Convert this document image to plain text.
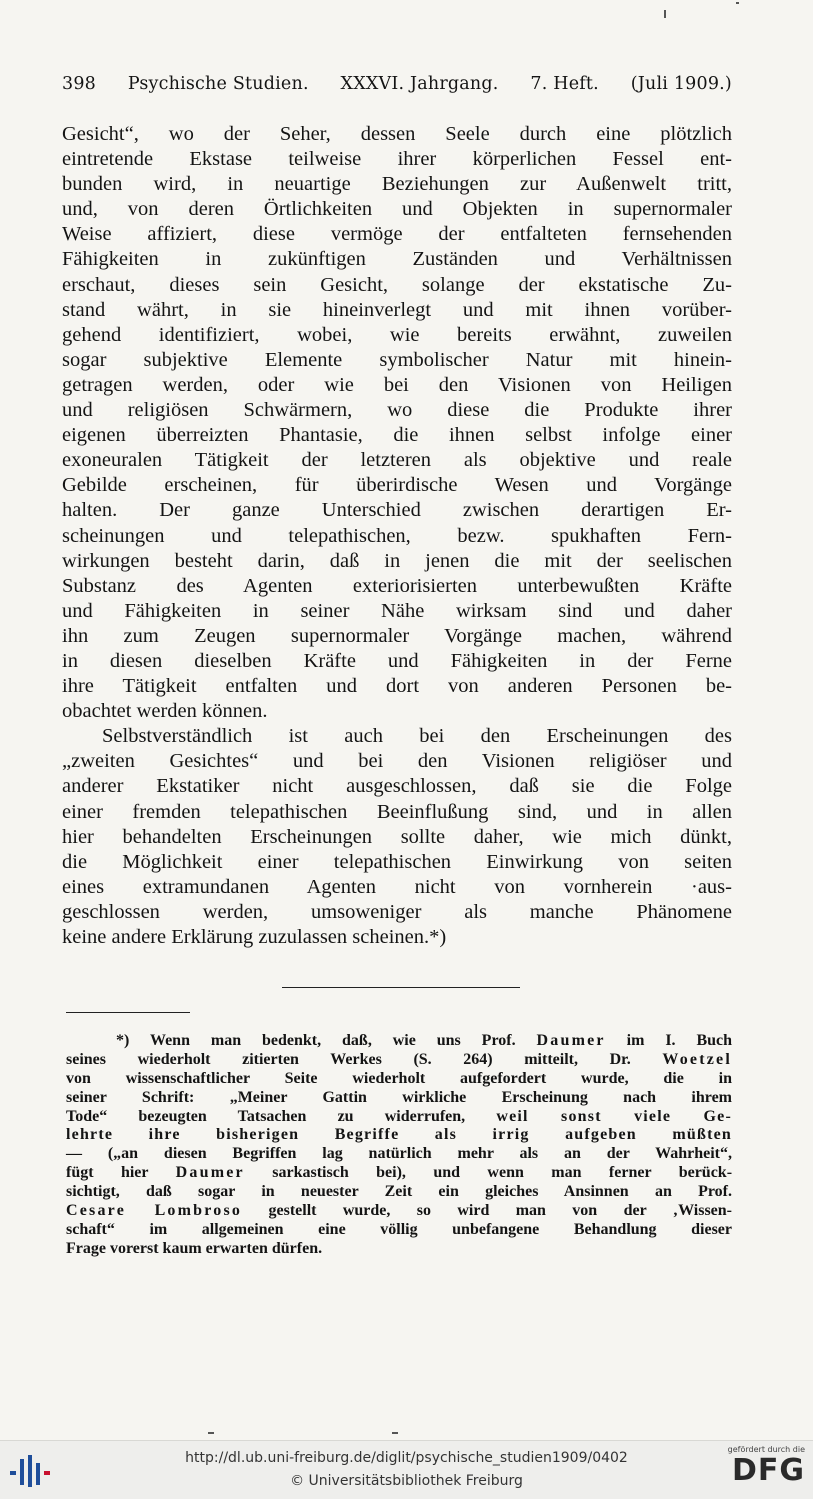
398 Psychische Studien. XXXVI. Jahrgang. 7. Heft. (Juli 1909.)
Gesicht“, wo der Seher, dessen Seele durch eine plötzlich
eintretende Ekstase teilweise ihrer körperlichen Fessel ent-
bunden wird, in neuartige Beziehungen zur Außenwelt tritt,
und, von deren Örtlichkeiten und Objekten in supernormaler
Weise affiziert, diese vermöge der entfalteten fernsehenden
Fähigkeiten in zukünftigen Zuständen und Verhältnissen
erschaut, dieses sein Gesicht, solange der ekstatische Zu-
stand währt, in sie hineinverlegt und mit ihnen vorüber-
gehend identifiziert, wobei, wie bereits erwähnt, zuweilen
sogar subjektive Elemente symbolischer Natur mit hinein-
getragen werden, oder wie bei den Visionen von Heiligen
und religiösen Schwärmern, wo diese die Produkte ihrer
eigenen überreizten Phantasie, die ihnen selbst infolge einer
exoneuralen Tätigkeit der letzteren als objektive und reale
Gebilde erscheinen, für überirdische Wesen und Vorgänge
halten. Der ganze Unterschied zwischen derartigen Er-
scheinungen und telepathischen, bezw. spukhaften Fern-
wirkungen besteht darin, daß in jenen die mit der seelischen
Substanz des Agenten exteriorisierten unterbewußten Kräfte
und Fähigkeiten in seiner Nähe wirksam sind und daher
ihn zum Zeugen supernormaler Vorgänge machen, während
in diesen dieselben Kräfte und Fähigkeiten in der Ferne
ihre Tätigkeit entfalten und dort von anderen Personen be-
obachtet werden können.
Selbstverständlich ist auch bei den Erscheinungen des
„zweiten Gesichtes“ und bei den Visionen religiöser und
anderer Ekstatiker nicht ausgeschlossen, daß sie die Folge
einer fremden telepathischen Beeinflußung sind, und in allen
hier behandelten Erscheinungen sollte daher, wie mich dünkt,
die Möglichkeit einer telepathischen Einwirkung von seiten
eines extramundanen Agenten nicht von vornherein ·aus-
geschlossen werden, umsoweniger als manche Phänomene
keine andere Erklärung zuzulassen scheinen.*)
*) Wenn man bedenkt, daß, wie uns Prof. Daumer im I. Buch
seines wiederholt zitierten Werkes (S. 264) mitteilt, Dr. Woetzel
von wissenschaftlicher Seite wiederholt aufgefordert wurde, die in
seiner Schrift: „Meiner Gattin wirkliche Erscheinung nach ihrem
Tode“ bezeugten Tatsachen zu widerrufen, weil sonst viele Ge-
lehrte ihre bisherigen Begriffe als irrig aufgeben müßten
— („an diesen Begriffen lag natürlich mehr als an der Wahrheit“,
fügt hier Daumer sarkastisch bei), und wenn man ferner berück-
sichtigt, daß sogar in neuester Zeit ein gleiches Ansinnen an Prof.
Cesare Lombroso gestellt wurde, so wird man von der ‚Wissen-
schaft“ im allgemeinen eine völlig unbefangene Behandlung dieser
Frage vorerst kaum erwarten dürfen.
http://dl.ub.uni-freiburg.de/diglit/psychische_studien1909/0402
© Universitätsbibliothek Freiburg
gefördert durch die
DFG
